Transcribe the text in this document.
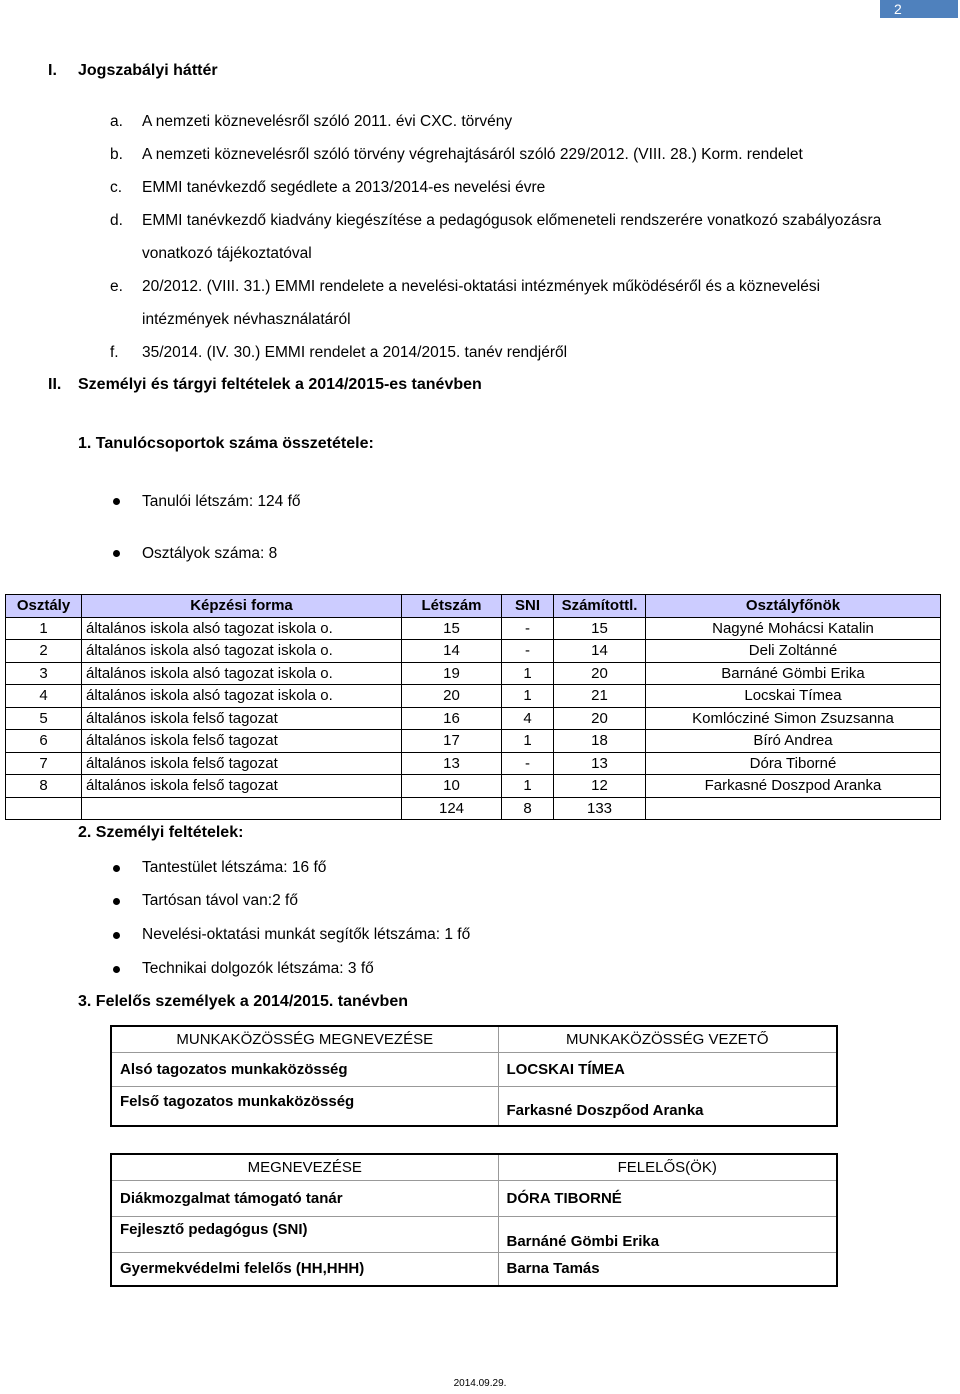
2
I. Jogszabályi háttér
a. A nemzeti köznevelésről szóló 2011. évi CXC. törvény
b. A nemzeti köznevelésről szóló törvény végrehajtásáról szóló 229/2012. (VIII. 28.) Korm. rendelet
c. EMMI tanévkezdő segédlete a 2013/2014-es nevelési évre
d. EMMI tanévkezdő kiadvány kiegészítése a pedagógusok előmeneteli rendszerére vonatkozó szabályozásra
vonatkozó tájékoztatóval
e. 20/2012. (VIII. 31.) EMMI rendelete a nevelési-oktatási intézmények működéséről és a köznevelési
intézmények névhasználatáról
f. 35/2014. (IV. 30.) EMMI rendelet a 2014/2015. tanév rendjéről
II. Személyi és tárgyi feltételek a 2014/2015-es tanévben
1. Tanulócsoportok száma összetétele:
Tanulói létszám: 124 fő
Osztályok száma: 8
Osztály	Képzési forma	Létszám	SNI	Számítottl.	Osztályfőnök
1	általános iskola alsó tagozat iskola o.	15	-	15	Nagyné Mohácsi Katalin
2	általános iskola alsó tagozat iskola o.	14	-	14	Deli Zoltánné
3	általános iskola alsó tagozat iskola o.	19	1	20	Barnáné Gömbi Erika
4	általános iskola alsó tagozat iskola o.	20	1	21	Locskai Tímea
5	általános iskola felső tagozat	16	4	20	Komlócziné Simon Zsuzsanna
6	általános iskola felső tagozat	17	1	18	Bíró Andrea
7	általános iskola felső tagozat	13	-	13	Dóra Tiborné
8	általános iskola felső tagozat	10	1	12	Farkasné Doszpod Aranka
		124	8	133	
2. Személyi feltételek:
Tantestület létszáma: 16 fő
Tartósan távol van:2 fő
Nevelési-oktatási munkát segítők létszáma: 1 fő
Technikai dolgozók létszáma: 3 fő
3. Felelős személyek a 2014/2015. tanévben
MUNKAKÖZÖSSÉG MEGNEVEZÉSE	MUNKAKÖZÖSSÉG VEZETŐ
Alsó tagozatos munkaközösség	LOCSKAI TÍMEA
Felső tagozatos munkaközösség	Farkasné Doszpőod Aranka
MEGNEVEZÉSE	FELELŐS(ÖK)
Diákmozgalmat támogató tanár	DÓRA TIBORNÉ
Fejlesztő pedagógus (SNI)	Barnáné Gömbi Erika
Gyermekvédelmi felelős (HH,HHH)	Barna Tamás
2014.09.29.
